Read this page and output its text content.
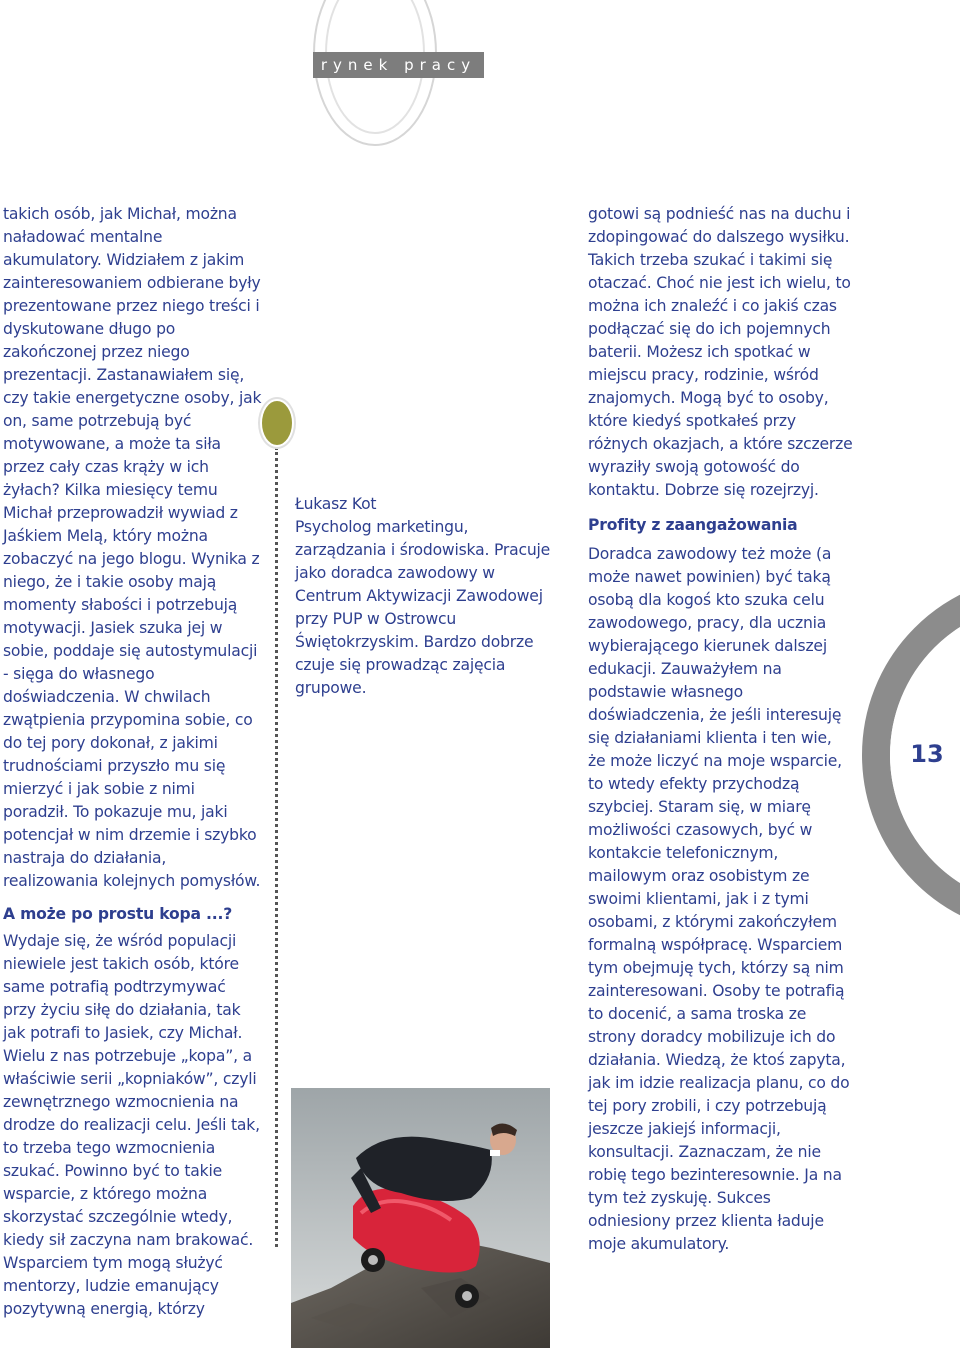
rynek pracy

takich osób, jak Michał, można naładować mentalne akumulatory. Widziałem z jakim zainteresowaniem odbierane były prezentowane przez niego treści i dyskutowane długo po zakończonej przez niego prezentacji. Zastanawiałem się, czy takie energetyczne osoby, jak on, same potrzebują być motywowane, a może ta siła przez cały czas krąży w ich żyłach? Kilka miesięcy temu Michał przeprowadził wywiad z Jaśkiem Melą, który można zobaczyć na jego blogu. Wynika z niego, że i takie osoby mają momenty słabości i potrzebują motywacji. Jasiek szuka jej w sobie, poddaje się autostymulacji - sięga do własnego doświadczenia. W chwilach zwątpienia przypomina sobie, co do tej pory dokonał, z jakimi trudnościami przyszło mu się mierzyć i jak sobie z nimi poradził. To pokazuje mu, jaki potencjał w nim drzemie i szybko nastraja do działania, realizowania kolejnych pomysłów.

A może po prostu kopa ...?

Wydaje się, że wśród populacji niewiele jest takich osób, które same potrafią podtrzymywać przy życiu siłę do działania, tak jak potrafi to Jasiek, czy Michał. Wielu z nas potrzebuje „kopa”, a właściwie serii „kopniaków”, czyli zewnętrznego wzmocnienia na drodze do realizacji celu. Jeśli tak, to trzeba tego wzmocnienia szukać. Powinno być to takie wsparcie, z którego można skorzystać szczególnie wtedy, kiedy sił zaczyna nam brakować. Wsparciem tym mogą służyć mentorzy, ludzie emanujący pozytywną energią, którzy

Łukasz Kot

Psycholog marketingu, zarządzania i środowiska. Pracuje jako doradca zawodowy w Centrum Aktywizacji Zawodowej przy PUP w Ostrowcu Świętokrzyskim. Bardzo dobrze czuje się prowadząc zajęcia grupowe.

gotowi są podnieść nas na duchu i zdopingować do dalszego wysiłku. Takich trzeba szukać i takimi się otaczać. Choć nie jest ich wielu, to można ich znaleźć i co jakiś czas podłączać się do ich pojemnych baterii. Możesz ich spotkać w miejscu pracy, rodzinie, wśród znajomych. Mogą być to osoby, które kiedyś spotkałeś przy różnych okazjach, a które szczerze wyraziły swoją gotowość do kontaktu. Dobrze się rozejrzyj.

Profity z zaangażowania

Doradca zawodowy też może (a może nawet powinien) być taką osobą dla kogoś kto szuka celu zawodowego, pracy, dla ucznia wybierającego kierunek dalszej edukacji. Zauważyłem na podstawie własnego doświadczenia, że jeśli interesuję się działaniami klienta i ten wie, że może liczyć na moje wsparcie, to wtedy efekty przychodzą szybciej. Staram się, w miarę możliwości czasowych, być w kontakcie telefonicznym, mailowym oraz osobistym ze swoimi klientami, jak i z tymi osobami, z którymi zakończyłem formalną współpracę. Wsparciem tym obejmuję tych, którzy są nim zainteresowani. Osoby te potrafią to docenić, a sama troska ze strony doradcy mobilizuje ich do działania. Wiedzą, że ktoś zapyta, jak im idzie realizacja planu, co do tej pory zrobili, i czy potrzebują jeszcze jakiejś informacji, konsultacji. Zaznaczam, że nie robię tego bezinteresownie. Ja na tym też zyskuję. Sukces odniesiony przez klienta ładuje moje akumulatory.

13
